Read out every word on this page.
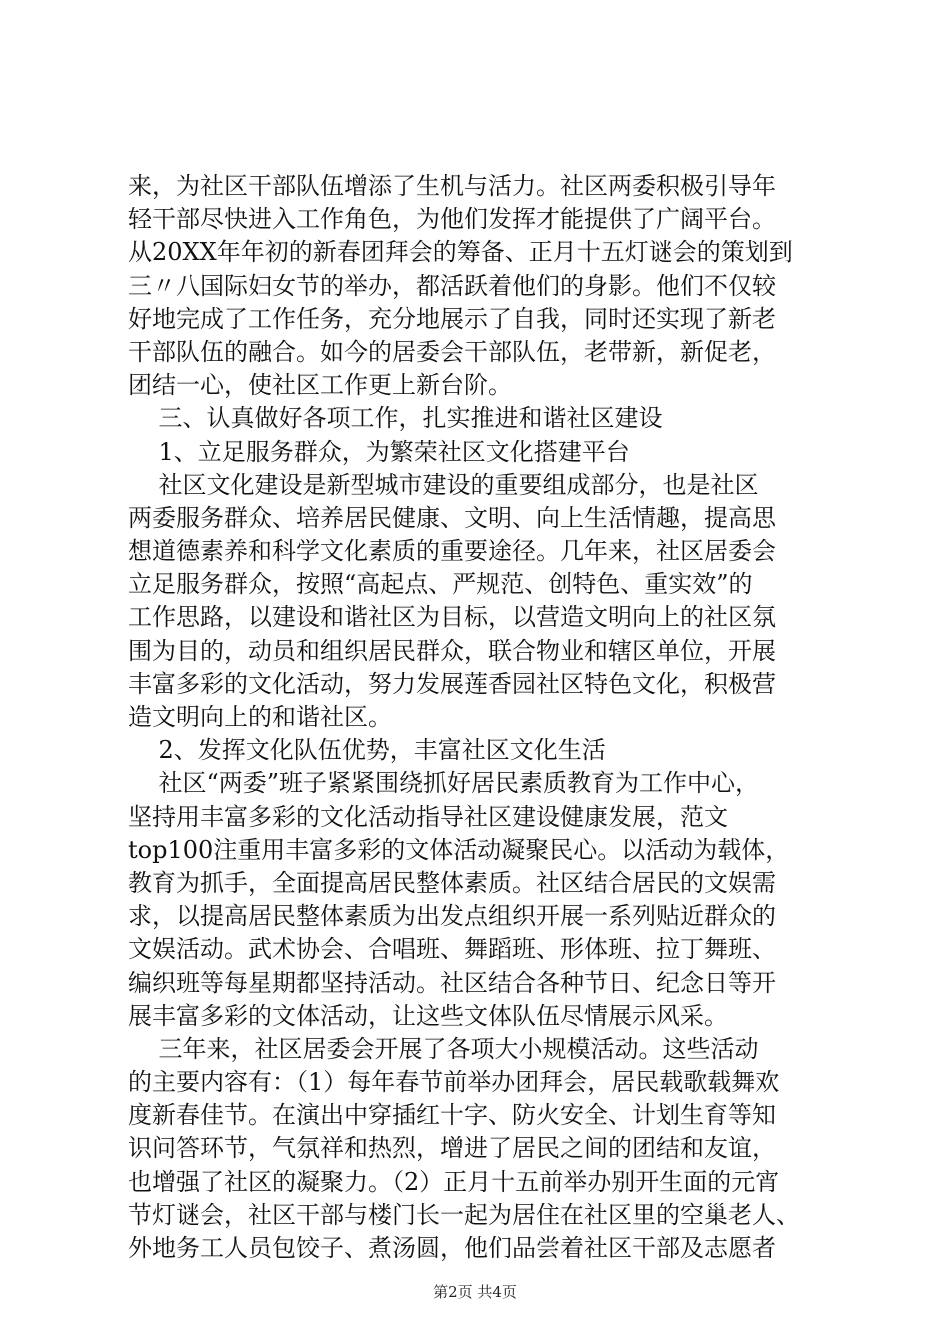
来，为社区干部队伍增添了生机与活力。社区两委积极引导年
轻干部尽快进入工作角色，为他们发挥才能提供了广阔平台。
从20XX年年初的新春团拜会的筹备、正月十五灯谜会的策划到
三〃八国际妇女节的举办，都活跃着他们的身影。他们不仅较
好地完成了工作任务，充分地展示了自我，同时还实现了新老
干部队伍的融合。如今的居委会干部队伍，老带新，新促老，
团结一心，使社区工作更上新台阶。
三、认真做好各项工作，扎实推进和谐社区建设
1、立足服务群众，为繁荣社区文化搭建平台
社区文化建设是新型城市建设的重要组成部分，也是社区
两委服务群众、培养居民健康、文明、向上生活情趣，提高思
想道德素养和科学文化素质的重要途径。几年来，社区居委会
立足服务群众，按照“高起点、严规范、创特色、重实效”的
工作思路，以建设和谐社区为目标，以营造文明向上的社区氛
围为目的，动员和组织居民群众，联合物业和辖区单位，开展
丰富多彩的文化活动，努力发展莲香园社区特色文化，积极营
造文明向上的和谐社区。
2、发挥文化队伍优势，丰富社区文化生活
社区“两委”班子紧紧围绕抓好居民素质教育为工作中心，
坚持用丰富多彩的文化活动指导社区建设健康发展，范文
top100注重用丰富多彩的文体活动凝聚民心。以活动为载体，
教育为抓手，全面提高居民整体素质。社区结合居民的文娱需
求，以提高居民整体素质为出发点组织开展一系列贴近群众的
文娱活动。武术协会、合唱班、舞蹈班、形体班、拉丁舞班、
编织班等每星期都坚持活动。社区结合各种节日、纪念日等开
展丰富多彩的文体活动，让这些文体队伍尽情展示风采。
三年来，社区居委会开展了各项大小规模活动。这些活动
的主要内容有：（1）每年春节前举办团拜会，居民载歌载舞欢
度新春佳节。在演出中穿插红十字、防火安全、计划生育等知
识问答环节，气氛祥和热烈，增进了居民之间的团结和友谊，
也增强了社区的凝聚力。（2）正月十五前举办别开生面的元宵
节灯谜会，社区干部与楼门长一起为居住在社区里的空巢老人、
外地务工人员包饺子、煮汤圆，他们品尝着社区干部及志愿者
第2页 共4页
